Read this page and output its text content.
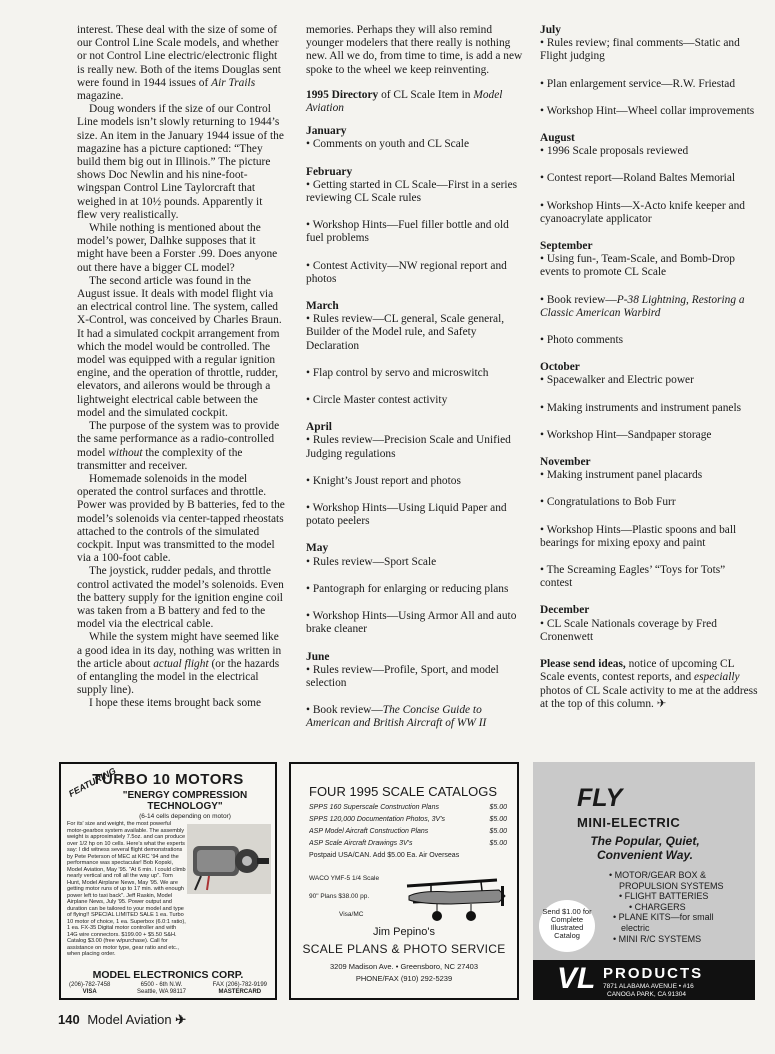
interest. These deal with the size of some of our Control Line Scale models, and whether or not Control Line electric/electronic flight is really new. Both of the items Douglas sent were found in 1944 issues of Air Trails magazine.

Doug wonders if the size of our Control Line models isn’t slowly returning to 1944’s size. An item in the January 1944 issue of the magazine has a picture captioned: “They build them big out in Illinois.” The picture shows Doc Newlin and his nine-foot-wingspan Control Line Taylorcraft that weighed in at 10½ pounds. Apparently it flew very realistically.

While nothing is mentioned about the model’s power, Dalhke supposes that it might have been a Forster .99. Does anyone out there have a bigger CL model?

The second article was found in the August issue. It deals with model flight via an electrical control line. The system, called X-Control, was conceived by Charles Braun. It had a simulated cockpit arrangement from which the model would be controlled. The model was equipped with a regular ignition engine, and the operation of throttle, rudder, elevators, and ailerons would be through a lightweight electrical cable between the model and the simulated cockpit.

The purpose of the system was to provide the same performance as a radio-controlled model without the complexity of the transmitter and receiver.

Homemade solenoids in the model operated the control surfaces and throttle. Power was provided by B batteries, fed to the model’s solenoids via center-tapped rheostats attached to the controls of the simulated cockpit. Input was transmitted to the model via a 100-foot cable.

The joystick, rudder pedals, and throttle control activated the model’s solenoids. Even the battery supply for the ignition engine coil was taken from a B battery and fed to the model via the electrical cable.

While the system might have seemed like a good idea in its day, nothing was written in the article about actual flight (or the hazards of entangling the model in the electrical supply line).

I hope these items brought back some

memories. Perhaps they will also remind younger modelers that there really is nothing new. All we do, from time to time, is add a new spoke to the wheel we keep reinventing.

1995 Directory of CL Scale Item in Model Aviation
January
• Comments on youth and CL Scale
February
• Getting started in CL Scale—First in a series reviewing CL Scale rules
• Workshop Hints—Fuel filler bottle and old fuel problems
• Contest Activity—NW regional report and photos
March
• Rules review—CL general, Scale general, Builder of the Model rule, and Safety Declaration
• Flap control by servo and microswitch
• Circle Master contest activity
April
• Rules review—Precision Scale and Unified Judging regulations
• Knight’s Joust report and photos
• Workshop Hints—Using Liquid Paper and potato peelers
May
• Rules review—Sport Scale
• Pantograph for enlarging or reducing plans
• Workshop Hints—Using Armor All and auto brake cleaner
June
• Rules review—Profile, Sport, and model selection
• Book review—The Concise Guide to American and British Aircraft of WW II
July
• Rules review; final comments—Static and Flight judging
• Plan enlargement service—R.W. Friestad
• Workshop Hint—Wheel collar improvements
August
• 1996 Scale proposals reviewed
• Contest report—Roland Baltes Memorial
• Workshop Hints—X-Acto knife keeper and cyanoacrylate applicator
September
• Using fun-, Team-Scale, and Bomb-Drop events to promote CL Scale
• Book review—P-38 Lightning, Restoring a Classic American Warbird
• Photo comments
October
• Spacewalker and Electric power
• Making instruments and instrument panels
• Workshop Hint—Sandpaper storage
November
• Making instrument panel placards
• Congratulations to Bob Furr
• Workshop Hints—Plastic spoons and ball bearings for mixing epoxy and paint
• The Screaming Eagles’ “Toys for Tots” contest
December
• CL Scale Nationals coverage by Fred Cronenwett

Please send ideas, notice of upcoming CL Scale events, contest reports, and especially photos of CL Scale activity to me at the address at the top of this column. ✈

TURBO 10 MOTORS
FEATURING "ENERGY COMPRESSION TECHNOLOGY"
(6-14 cells depending on motor)
For its' size and weight, the most powerful motor-gearbox system available. The assembly weight is approximately 7.5oz. and can produce over 1/2 hp on 10 cells. Here's what the experts say: I did witness several flight demonstrations by Pete Peterson of MEC at KRC '94 and the performance was spectacular! Bob Kopski, Model Aviation, May '95. "At 6 min. I could climb nearly vertical and roll all the way up". Tom Hunt, Model Airplane News, May '95. We are getting motor runs of up to 17 min. with enough power left to taxi back". Jeff Raskin, Model Airplane News, July '95. Power output and duration can be tailored to your model and type of flying!! SPECIAL LIMITED SALE 1 ea. Turbo 10 motor of choice, 1 ea. Superbox (6.0:1 ratio), 1 ea. FX-35 Digital motor controller and with 14G wire connectors. $199.00 + $5.50 S&H. Catalog $3.00 (free w/purchase). Call for assistance on motor type, gear ratio and etc., when placing order.
MODEL ELECTRONICS CORP.
(206)-782-7458
VISA
6500 - 6th N.W.
Seattle, WA 98117
FAX (206)-782-9199
MASTERCARD
FOUR 1995 SCALE CATALOGS
SPPS 160 Superscale Construction Plans	$5.00
SPPS 120,000 Documentation Photos, 3V's	$5.00
ASP Model Aircraft Construction Plans	$5.00
ASP Scale Aircraft Drawings 3V's	$5.00
Postpaid USA/CAN. Add $5.00 Ea. Air Overseas
WACO YMF-5 1/4 Scale
90" Plans $38.00 pp.
Visa/MC
Jim Pepino's
SCALE PLANS & PHOTO SERVICE
3209 Madison Ave. • Greensboro, NC 27403
PHONE/FAX (910) 292-5239
FLY
MINI-ELECTRIC
The Popular, Quiet, Convenient Way.
• MOTOR/GEAR BOX &
PROPULSION SYSTEMS
• FLIGHT BATTERIES
• CHARGERS
• PLANE KITS—for small
electric
• MINI R/C SYSTEMS
Send $1.00 for Complete Illustrated Catalog
VL PRODUCTS
7871 ALABAMA AVENUE • #16
CANOGA PARK, CA 91304
140 Model Aviation ✈
